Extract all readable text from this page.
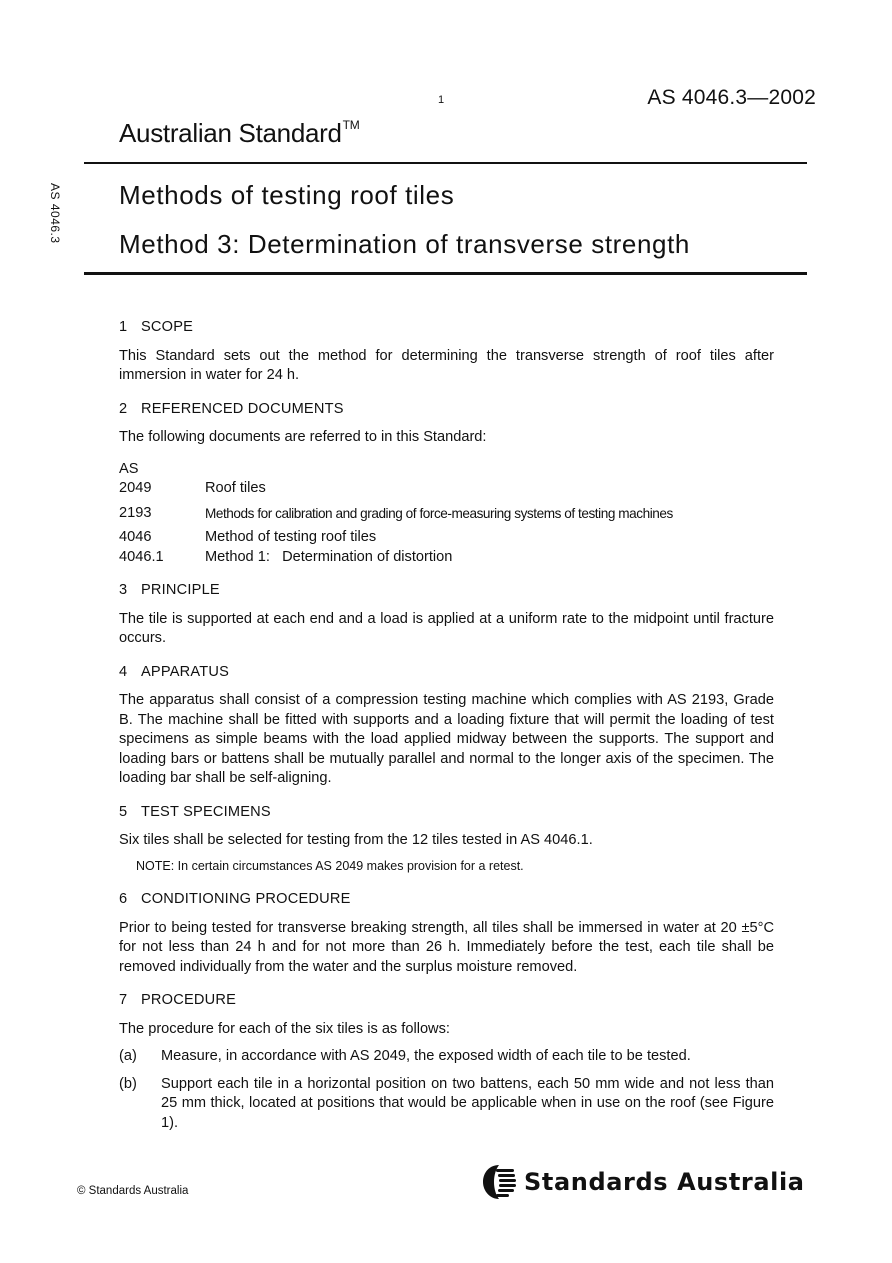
1	AS 4046.3—2002
Australian Standard™
AS 4046.3 Methods of testing roof tiles
Method 3: Determination of transverse strength
1 SCOPE

This Standard sets out the method for determining the transverse strength of roof tiles after immersion in water for 24 h.

2 REFERENCED DOCUMENTS

The following documents are referred to in this Standard:

AS
2049	Roof tiles
2193	Methods for calibration and grading of force-measuring systems of testing machines
4046	Method of testing roof tiles
4046.1	Method 1:   Determination of distortion
3 PRINCIPLE

The tile is supported at each end and a load is applied at a uniform rate to the midpoint until fracture occurs.

4 APPARATUS

The apparatus shall consist of a compression testing machine which complies with AS 2193, Grade B. The machine shall be fitted with supports and a loading fixture that will permit the loading of test specimens as simple beams with the load applied midway between the supports. The support and loading bars or battens shall be mutually parallel and normal to the longer axis of the specimen. The loading bar shall be self-aligning.

5 TEST SPECIMENS

Six tiles shall be selected for testing from the 12 tiles tested in AS 4046.1.

NOTE: In certain circumstances AS 2049 makes provision for a retest.
6 CONDITIONING PROCEDURE

Prior to being tested for transverse breaking strength, all tiles shall be immersed in water at 20 ±5°C for not less than 24 h and for not more than 26 h. Immediately before the test, each tile shall be removed individually from the water and the surplus moisture removed.

7 PROCEDURE

The procedure for each of the six tiles is as follows:

(a)	Measure, in accordance with AS 2049, the exposed width of each tile to be tested.
(b)	Support each tile in a horizontal position on two battens, each 50 mm wide and not less than 25 mm thick, located at positions that would be applicable when in use on the roof (see Figure 1).
© Standards Australia	Standards Australia
